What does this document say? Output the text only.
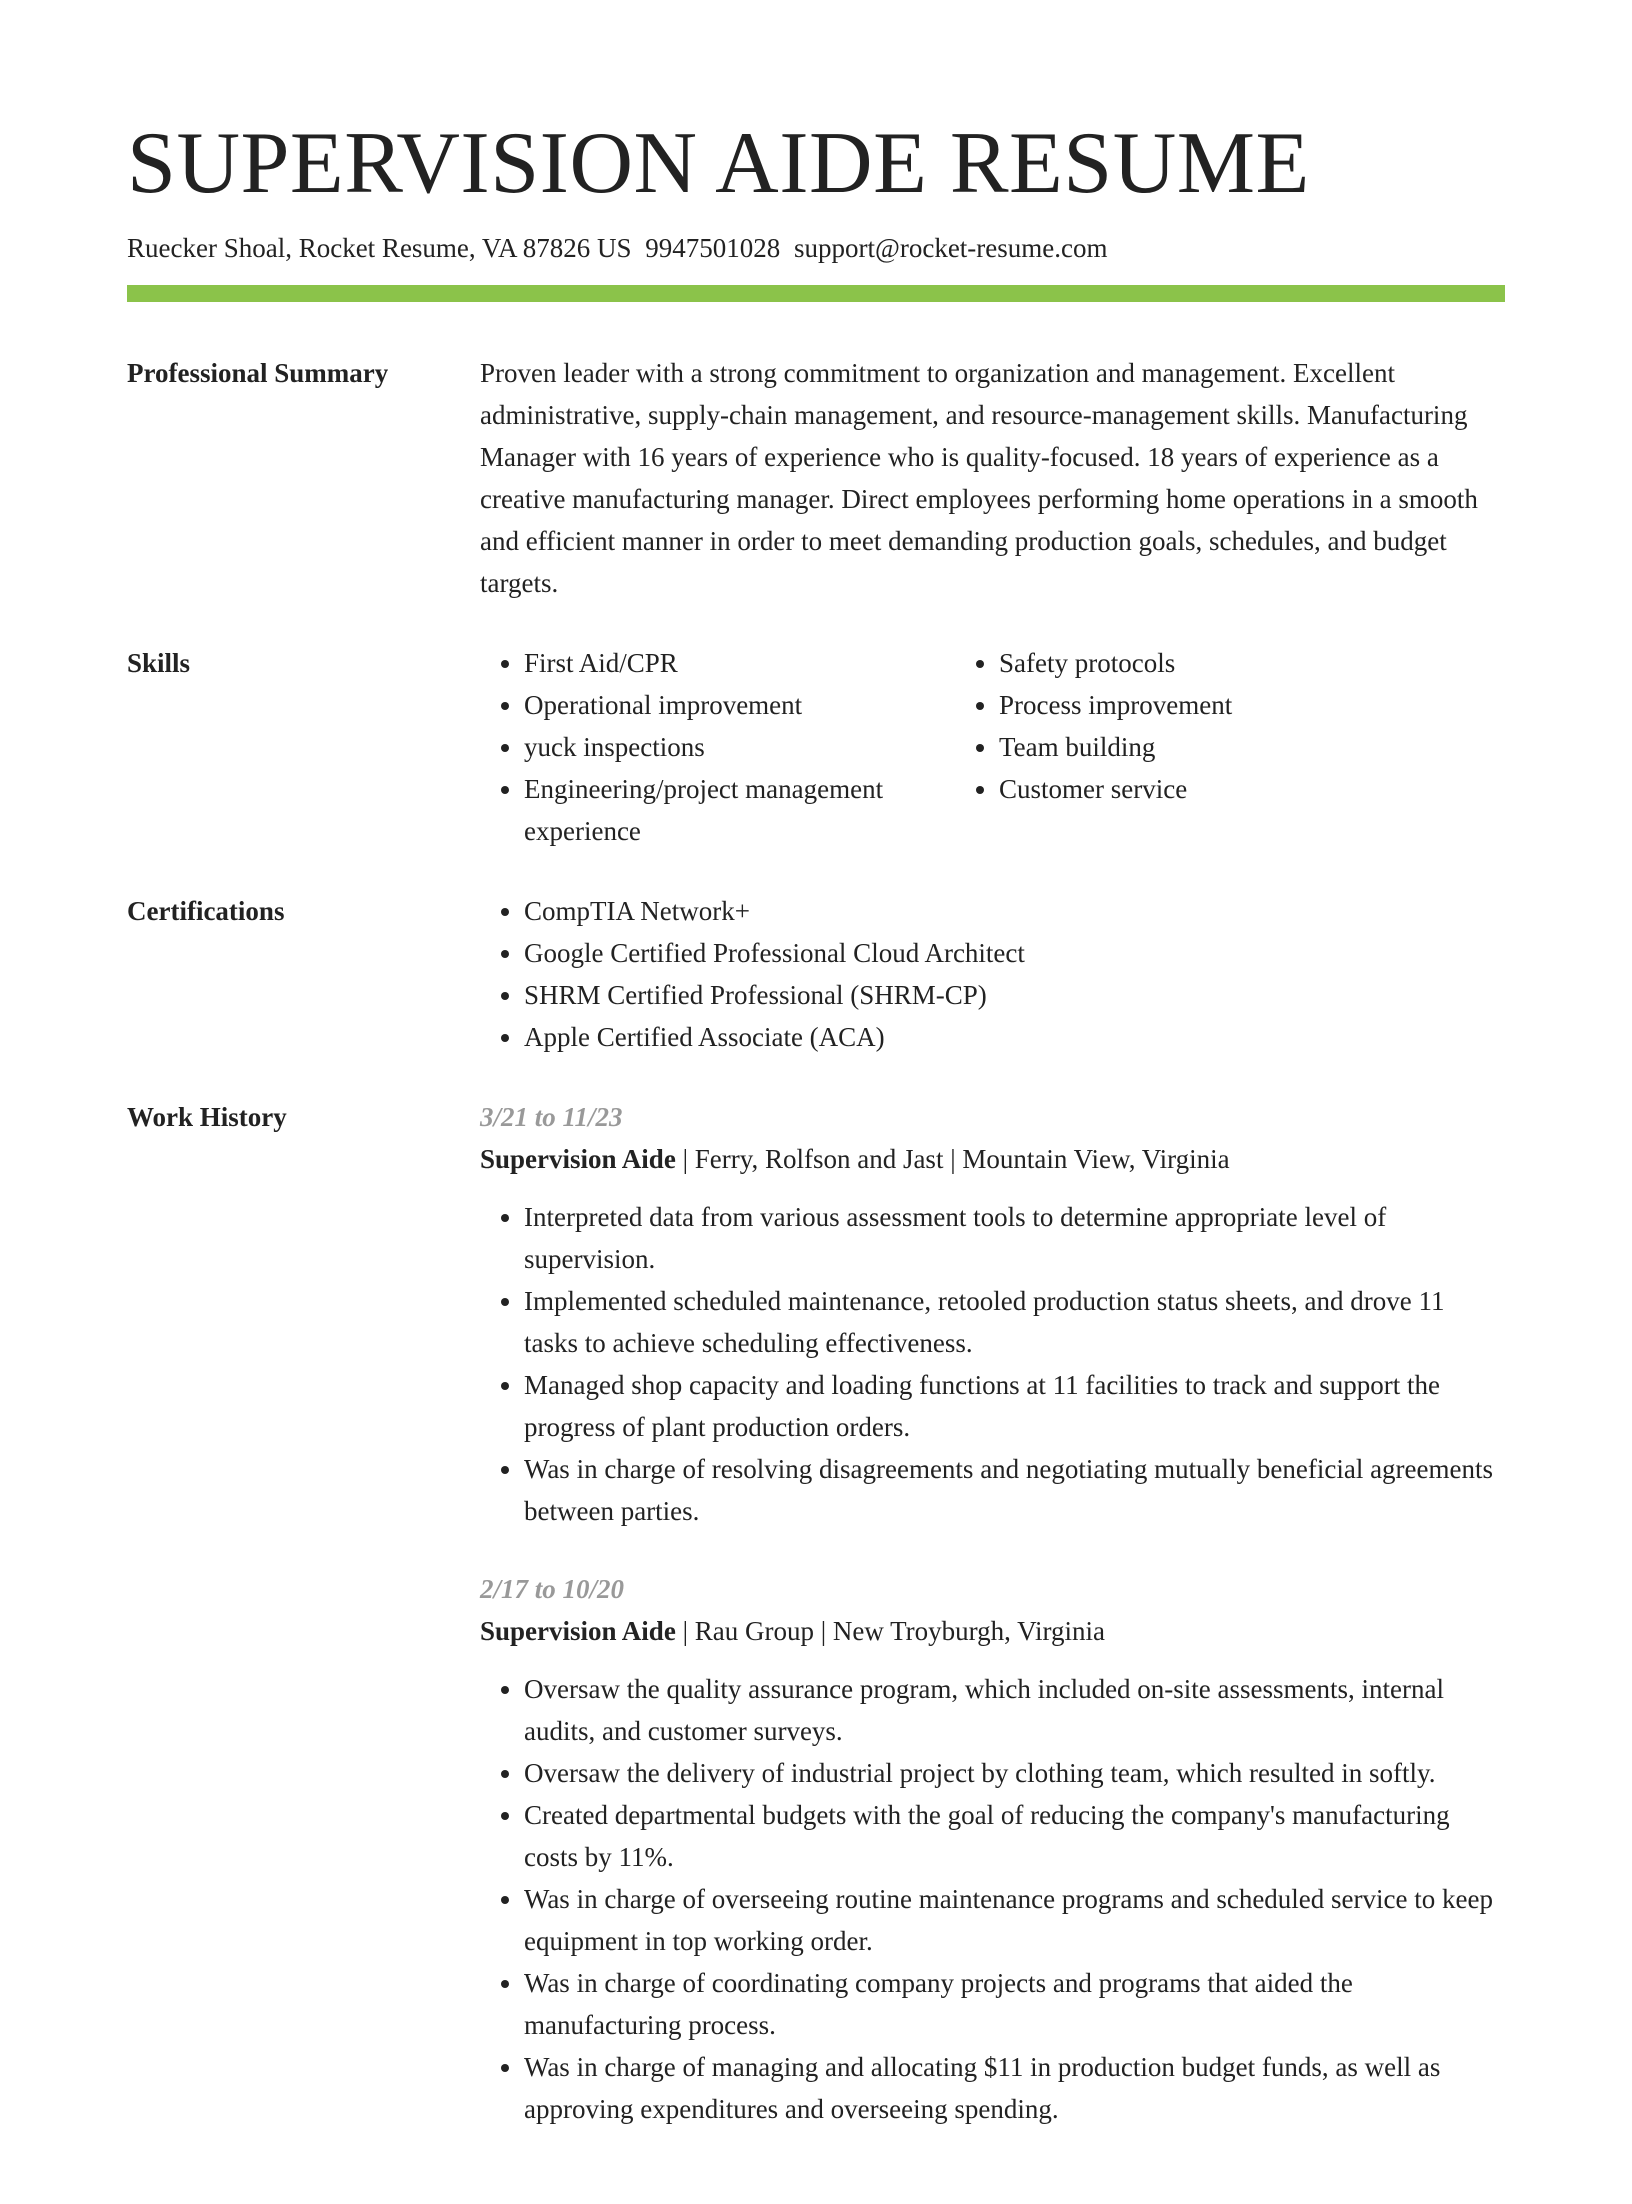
SUPERVISION AIDE RESUME
Ruecker Shoal, Rocket Resume, VA 87826 US 9947501028 support@rocket-resume.com
Professional Summary	Proven leader with a strong commitment to organization and management. Excellent administrative, supply-chain management, and resource-management skills. Manufacturing Manager with 16 years of experience who is quality-focused. 18 years of experience as a creative manufacturing manager. Direct employees performing home operations in a smooth and efficient manner in order to meet demanding production goals, schedules, and budget targets.

Skills	• First Aid/CPR
• Operational improvement
• yuck inspections
• Engineering/project management experience
• Safety protocols
• Process improvement
• Team building
• Customer service
Certifications	• CompTIA Network+
• Google Certified Professional Cloud Architect
• SHRM Certified Professional (SHRM-CP)
• Apple Certified Associate (ACA)
Work History	3/21 to 11/23
Supervision Aide | Ferry, Rolfson and Jast | Mountain View, Virginia
• Interpreted data from various assessment tools to determine appropriate level of supervision.
• Implemented scheduled maintenance, retooled production status sheets, and drove 11 tasks to achieve scheduling effectiveness.
• Managed shop capacity and loading functions at 11 facilities to track and support the progress of plant production orders.
• Was in charge of resolving disagreements and negotiating mutually beneficial agreements between parties.
2/17 to 10/20
Supervision Aide | Rau Group | New Troyburgh, Virginia
• Oversaw the quality assurance program, which included on-site assessments, internal audits, and customer surveys.
• Oversaw the delivery of industrial project by clothing team, which resulted in softly.
• Created departmental budgets with the goal of reducing the company's manufacturing costs by 11%.
• Was in charge of overseeing routine maintenance programs and scheduled service to keep equipment in top working order.
• Was in charge of coordinating company projects and programs that aided the manufacturing process.
• Was in charge of managing and allocating $11 in production budget funds, as well as approving expenditures and overseeing spending.
